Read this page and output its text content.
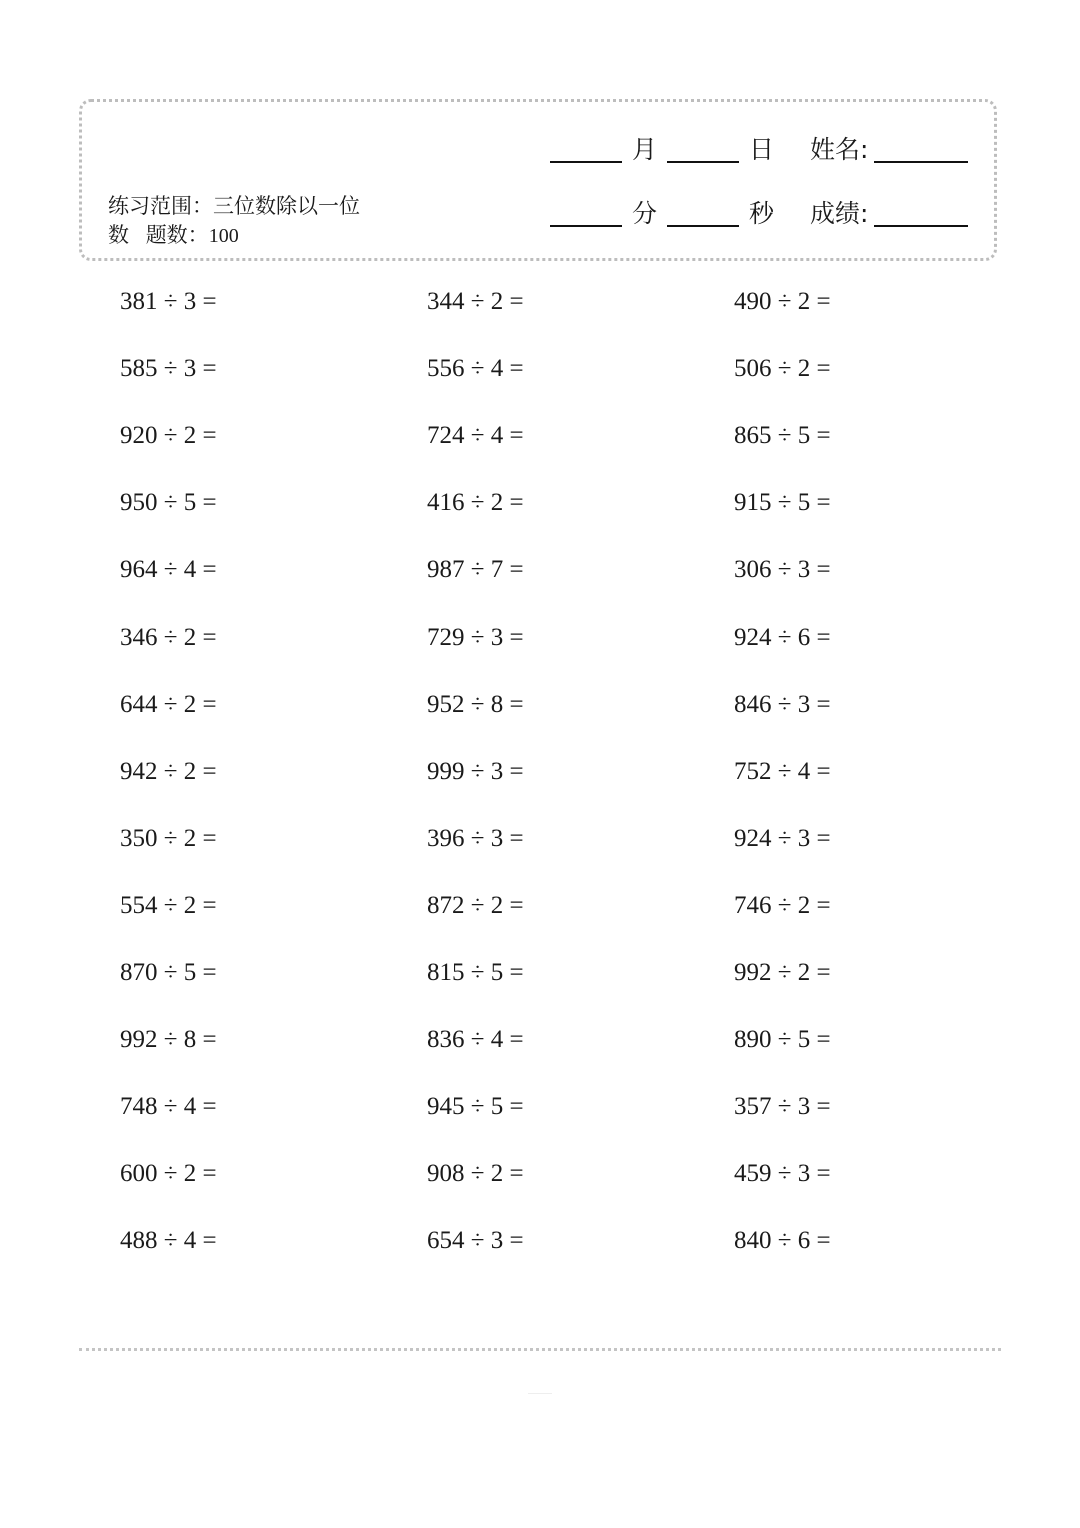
练习范围：三位数除以一位
数 题数：100
月	日	姓名:
分	秒	成绩:
381 ÷ 3 =	344 ÷ 2 =	490 ÷ 2 =
585 ÷ 3 =	556 ÷ 4 =	506 ÷ 2 =
920 ÷ 2 =	724 ÷ 4 =	865 ÷ 5 =
950 ÷ 5 =	416 ÷ 2 =	915 ÷ 5 =
964 ÷ 4 =	987 ÷ 7 =	306 ÷ 3 =
346 ÷ 2 =	729 ÷ 3 =	924 ÷ 6 =
644 ÷ 2 =	952 ÷ 8 =	846 ÷ 3 =
942 ÷ 2 =	999 ÷ 3 =	752 ÷ 4 =
350 ÷ 2 =	396 ÷ 3 =	924 ÷ 3 =
554 ÷ 2 =	872 ÷ 2 =	746 ÷ 2 =
870 ÷ 5 =	815 ÷ 5 =	992 ÷ 2 =
992 ÷ 8 =	836 ÷ 4 =	890 ÷ 5 =
748 ÷ 4 =	945 ÷ 5 =	357 ÷ 3 =
600 ÷ 2 =	908 ÷ 2 =	459 ÷ 3 =
488 ÷ 4 =	654 ÷ 3 =	840 ÷ 6 =
